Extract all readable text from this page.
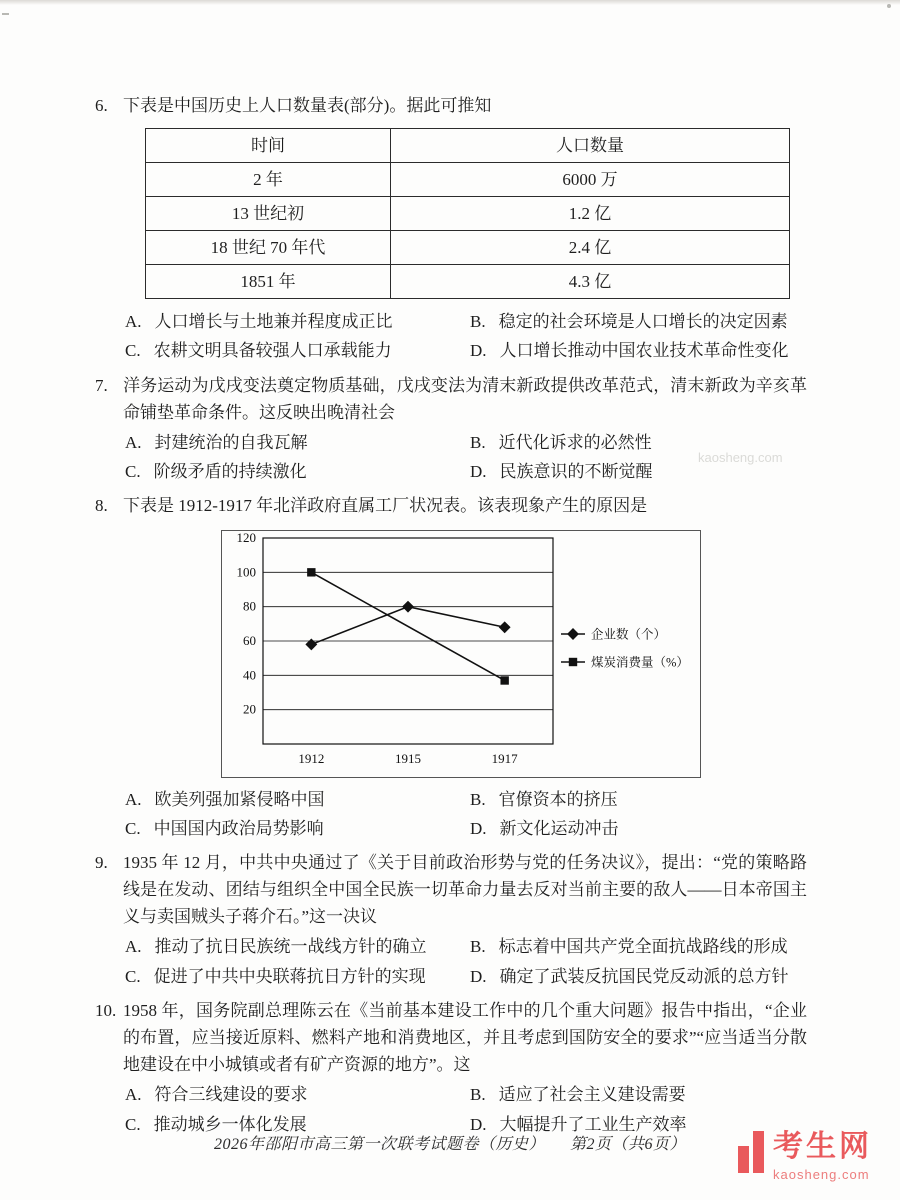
6. 下表是中国历史上人口数量表(部分)。据此可推知

时间	人口数量
2 年	6000 万
13 世纪初	1.2 亿
18 世纪 70 年代	2.4 亿
1851 年	4.3 亿
A. 人口增长与土地兼并程度成正比	B. 稳定的社会环境是人口增长的决定因素
C. 农耕文明具备较强人口承载能力	D. 人口增长推动中国农业技术革命性变化

7. 洋务运动为戊戌变法奠定物质基础，戊戌变法为清末新政提供改革范式，清末新政为辛亥革命铺垫革命条件。这反映出晚清社会

A. 封建统治的自我瓦解	B. 近代化诉求的必然性
C. 阶级矛盾的持续激化	D. 民族意识的不断觉醒

8. 下表是 1912-1917 年北洋政府直属工厂状况表。该表现象产生的原因是

20
40
60
80
100
120
1912	1915	1917
企业数（个）
煤炭消费量（%）
A. 欧美列强加紧侵略中国	B. 官僚资本的挤压
C. 中国国内政治局势影响	D. 新文化运动冲击

9. 1935 年 12 月，中共中央通过了《关于目前政治形势与党的任务决议》，提出：“党的策略路线是在发动、团结与组织全中国全民族一切革命力量去反对当前主要的敌人——日本帝国主义与卖国贼头子蒋介石。”这一决议

A. 推动了抗日民族统一战线方针的确立	B. 标志着中国共产党全面抗战路线的形成
C. 促进了中共中央联蒋抗日方针的实现	D. 确定了武装反抗国民党反动派的总方针

10. 1958 年，国务院副总理陈云在《当前基本建设工作中的几个重大问题》报告中指出，“企业的布置，应当接近原料、燃料产地和消费地区，并且考虑到国防安全的要求”“应当适当分散地建设在中小城镇或者有矿产资源的地方”。这

A. 符合三线建设的要求	B. 适应了社会主义建设需要
C. 推动城乡一体化发展	D. 大幅提升了工业生产效率
kaosheng.com
2026年邵阳市高三第一次联考试题卷（历史）　　第2页（共6页）	考生网
kaosheng.com
